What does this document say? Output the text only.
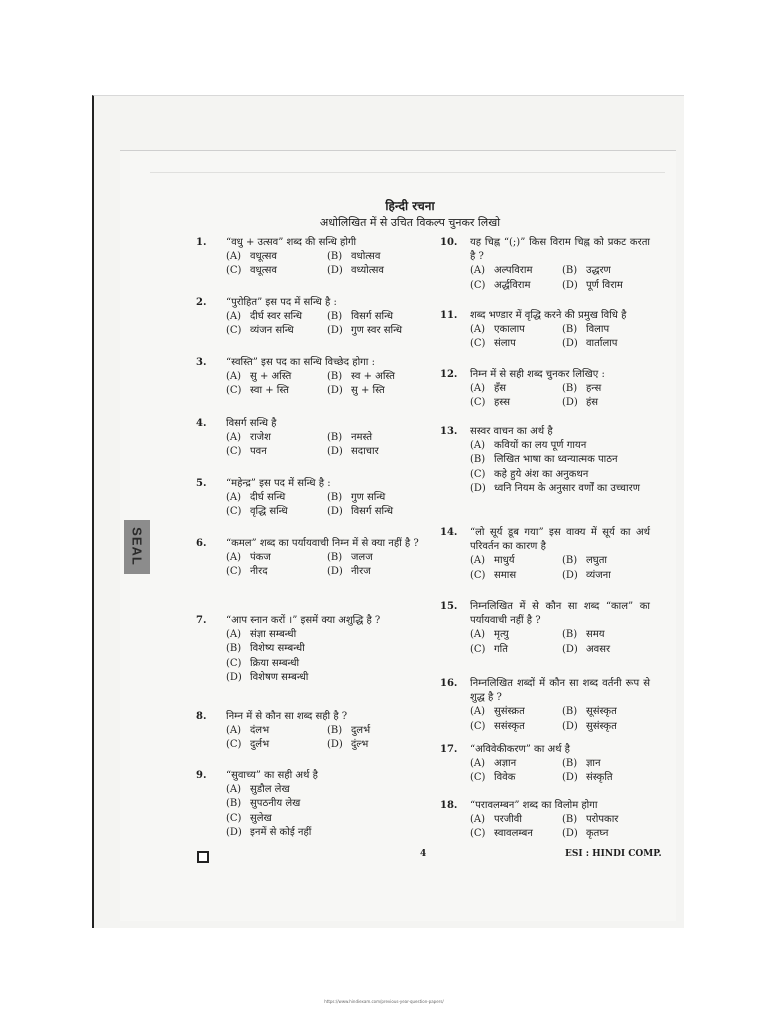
हिन्दी रचना
अधोलिखित में से उचित विकल्प चुनकर लिखो
SEAL
1.	“वधु + उत्सव” शब्द की सन्धि होगी
(A) वधूत्सव	(B) वधोत्सव
(C) वधूत्सव	(D) वध्योत्सव
2.	“पुरोहित” इस पद में सन्धि है :
(A) दीर्घ स्वर सन्धि	(B) विसर्ग सन्धि
(C) व्यंजन सन्धि	(D) गुण स्वर सन्धि
3.	“स्वस्ति” इस पद का सन्धि विच्छेद होगा :
(A) सु + अस्ति	(B) स्व + अस्ति
(C) स्वा + स्ति	(D) सु + स्ति
4.	विसर्ग सन्धि है
(A) राजेश	(B) नमस्ते
(C) पवन	(D) सदाचार
5.	“महेन्द्र” इस पद में सन्धि है :
(A) दीर्घ सन्धि	(B) गुण सन्धि
(C) वृद्धि सन्धि	(D) विसर्ग सन्धि
6.	“कमल” शब्द का पर्यायवाची निम्न में से क्या नहीं है ?
(A) पंकज	(B) जलज
(C) नीरद	(D) नीरज
7.	“आप स्नान करों ।” इसमें क्या अशुद्धि है ?
(A) संज्ञा सम्बन्धी
(B) विशेष्य सम्बन्धी
(C) क्रिया सम्बन्धी
(D) विशेषण सम्बन्धी
8.	निम्न में से कौन सा शब्द सही है ?
(A) दंलभ	(B) दुलर्भ
(C) दुर्लभ	(D) दुंल्भ
9.	“सुवाच्य” का सही अर्थ है
(A) सुडौल लेख
(B) सुपठनीय लेख
(C) सुलेख
(D) इनमें से कोई नहीं
10.	यह चिह्न “(;)” किस विराम चिह्न को प्रकट करता है ?
(A) अल्पविराम	(B) उद्धरण
(C) अर्द्धविराम	(D) पूर्ण विराम
11.	शब्द भण्डार में वृद्धि करने की प्रमुख विधि है
(A) एकालाप	(B) विलाप
(C) संलाप	(D) वार्तालाप
12.	निम्न में से सही शब्द चुनकर लिखिए :
(A) हँस	(B) हन्स
(C) हस्स	(D) हंस
13.	सस्वर वाचन का अर्थ है
(A) कवियों का लय पूर्ण गायन
(B) लिखित भाषा का ध्वन्यात्मक पाठन
(C) कहे हुये अंश का अनुकथन
(D) ध्वनि नियम के अनुसार वर्णों का उच्चारण
14.	“लो सूर्य डूब गया” इस वाक्य में सूर्य का अर्थ परिवर्तन का कारण है
(A) माधुर्य	(B) लघुता
(C) समास	(D) व्यंजना
15.	निम्नलिखित में से कौन सा शब्द “काल” का पर्यायवाची नहीं है ?
(A) मृत्यु	(B) समय
(C) गति	(D) अवसर
16.	निम्नलिखित शब्दों में कौन सा शब्द वर्तनी रूप से शुद्ध है ?
(A) सुसंस्क्रत	(B) सूसंस्कृत
(C) ससंस्कृत	(D) सुसंस्कृत
17.	“अविवेकीकरण” का अर्थ है
(A) अज्ञान	(B) ज्ञान
(C) विवेक	(D) संस्कृति
18.	“परावलम्बन” शब्द का विलोम होगा
(A) परजीवी	(B) परोपकार
(C) स्वावलम्बन	(D) कृतघ्न
4	ESI : HINDI COMP.
https://www.hindiexam.com/previous-year-question-papers/
